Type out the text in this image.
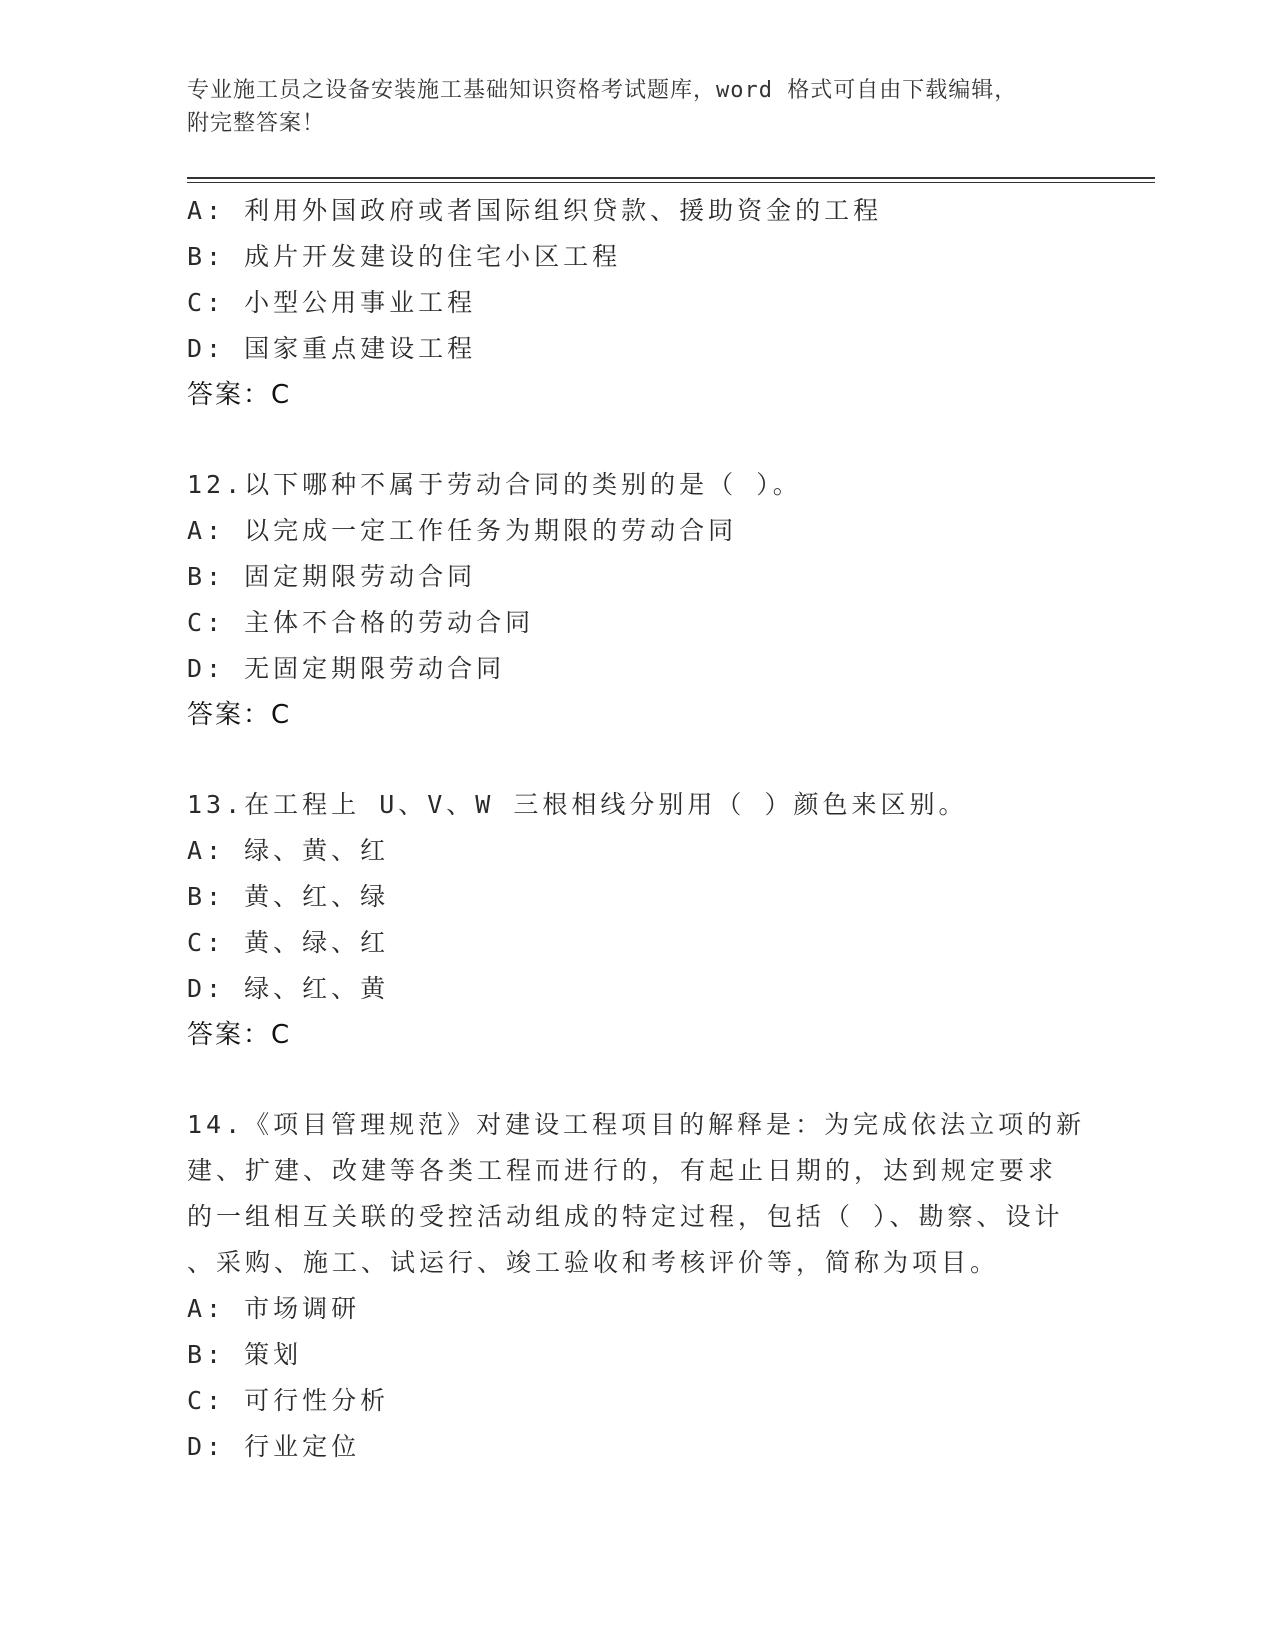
专业施工员之设备安装施工基础知识资格考试题库，word 格式可自由下载编辑，
附完整答案！
A: 利用外国政府或者国际组织贷款、援助资金的工程
B: 成片开发建设的住宅小区工程
C: 小型公用事业工程
D: 国家重点建设工程
答案：C
12.以下哪种不属于劳动合同的类别的是（ ）。
A: 以完成一定工作任务为期限的劳动合同
B: 固定期限劳动合同
C: 主体不合格的劳动合同
D: 无固定期限劳动合同
答案：C
13.在工程上 U、V、W 三根相线分别用（ ）颜色来区别。
A: 绿、黄、红
B: 黄、红、绿
C: 黄、绿、红
D: 绿、红、黄
答案：C
14.《项目管理规范》对建设工程项目的解释是：为完成依法立项的新
建、扩建、改建等各类工程而进行的，有起止日期的，达到规定要求
的一组相互关联的受控活动组成的特定过程，包括（ ）、勘察、设计
、采购、施工、试运行、竣工验收和考核评价等，简称为项目。
A: 市场调研
B: 策划
C: 可行性分析
D: 行业定位
